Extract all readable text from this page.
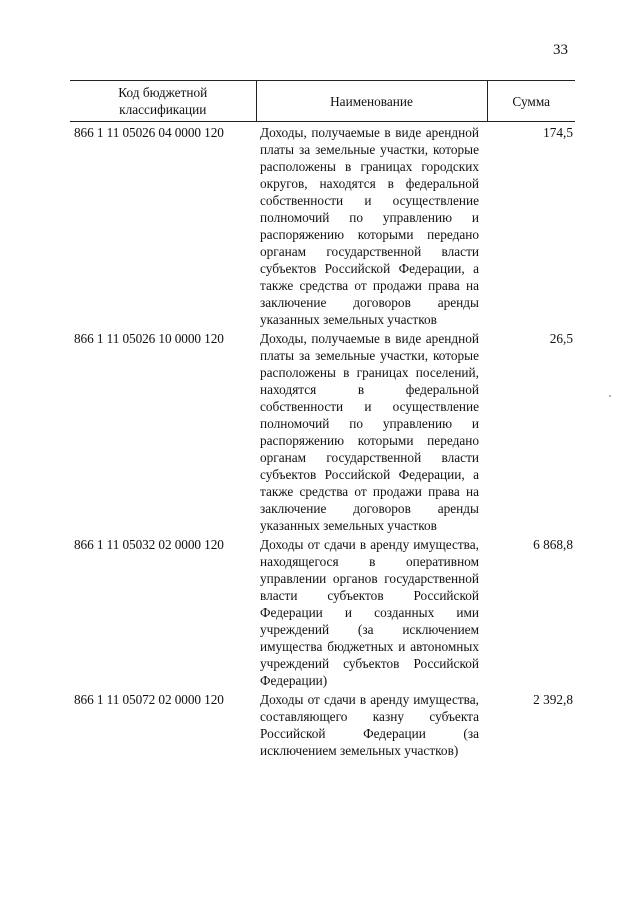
33
Код бюджетной классификации	Наименование	Сумма
866 1 11 05026 04 0000 120	Доходы, получаемые в виде арендной платы за земельные участки, которые расположены в границах городских округов, находятся в федеральной собственности и осуществление полномочий по управлению и распоряжению которыми передано органам государственной власти субъектов Российской Федерации, а также средства от продажи права на заключение договоров аренды указанных земельных участков	174,5
866 1 11 05026 10 0000 120	Доходы, получаемые в виде арендной платы за земельные участки, которые расположены в границах поселений, находятся в федеральной собственности и осуществление полномочий по управлению и распоряжению которыми передано органам государственной власти субъектов Российской Федерации, а также средства от продажи права на заключение договоров аренды указанных земельных участков	26,5
866 1 11 05032 02 0000 120	Доходы от сдачи в аренду имущества, находящегося в оперативном управлении органов государственной власти субъектов Российской Федерации и созданных ими учреждений (за исключением имущества бюджетных и автономных учреждений субъектов Российской Федерации)	6 868,8
866 1 11 05072 02 0000 120	Доходы от сдачи в аренду имущества, составляющего казну субъекта Российской Федерации (за исключением земельных участков)	2 392,8
